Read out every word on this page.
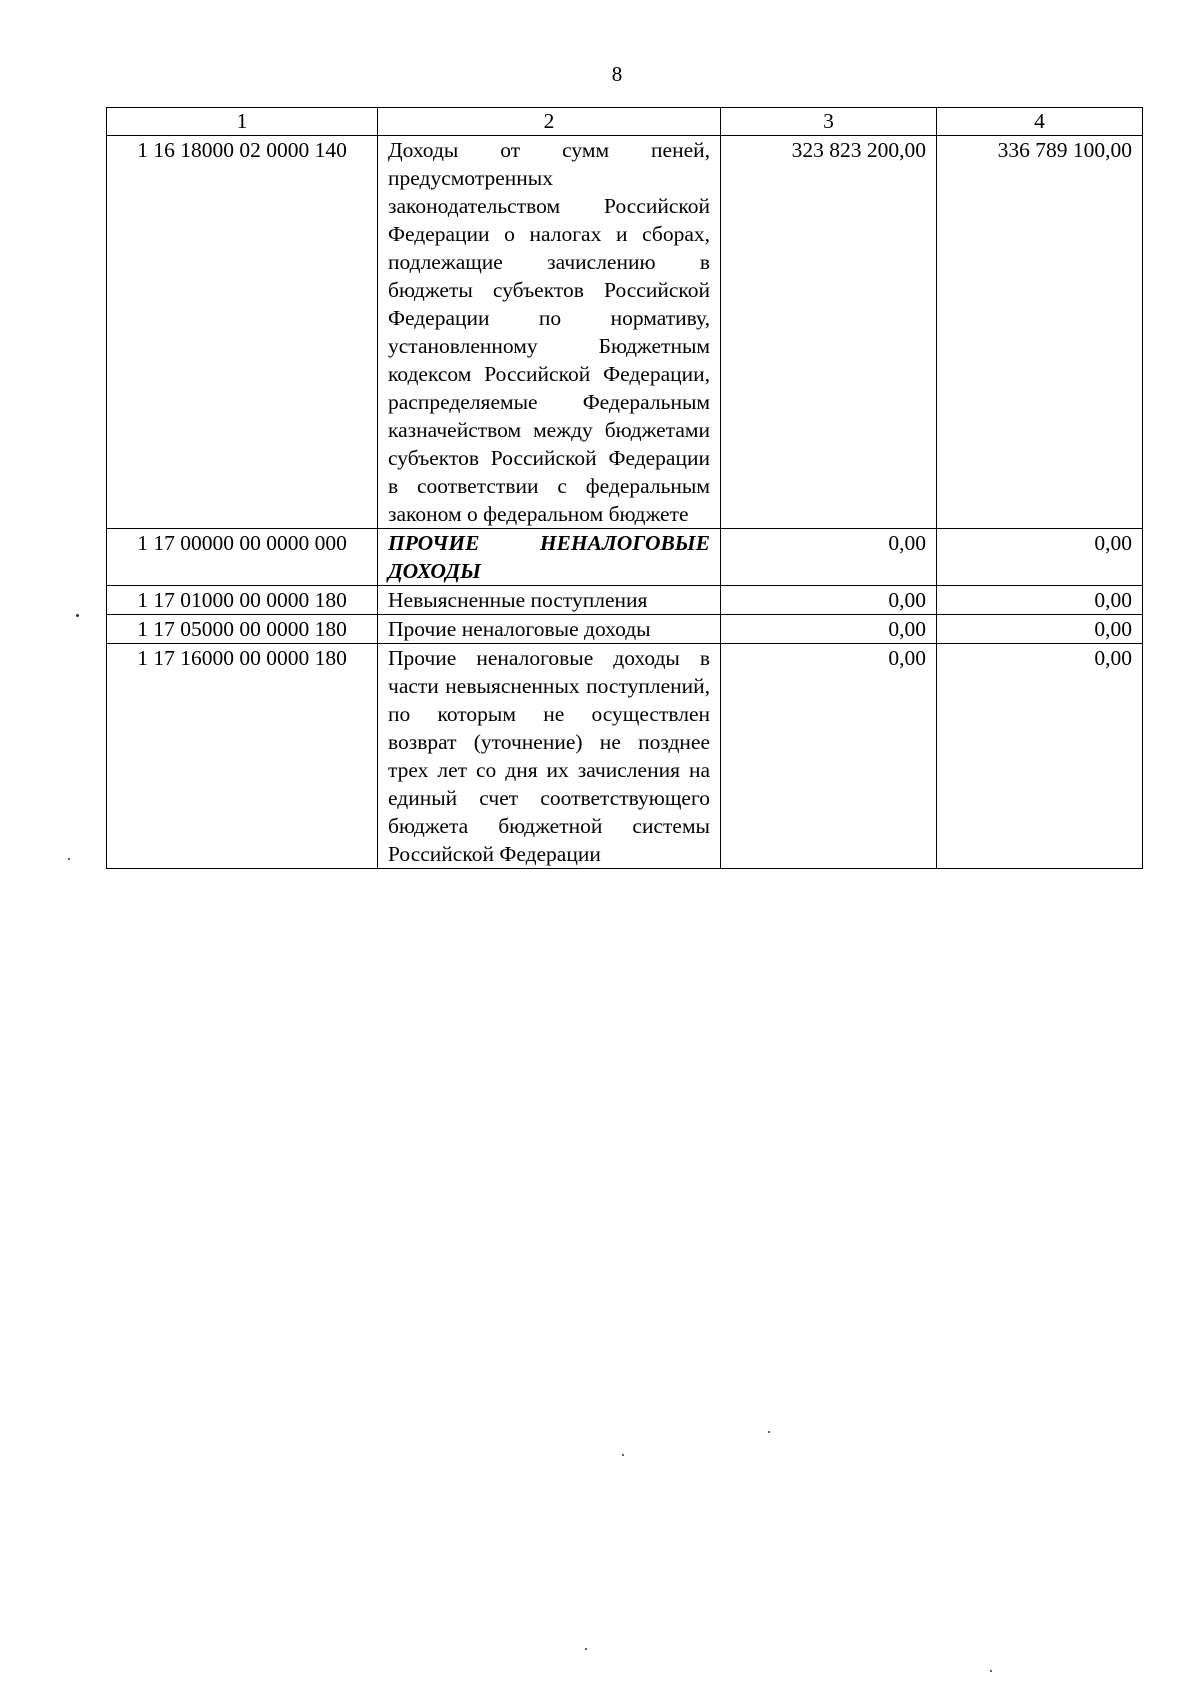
8
1	2	3	4
1 16 18000 02 0000 140	Доходы от сумм пеней, предусмотренных законодательством Российской Федерации о налогах и сборах, подлежащие зачислению в бюджеты субъектов Российской Федерации по нормативу, установленному Бюджетным кодексом Российской Федерации, распределяемые Федеральным казначейством между бюджетами субъектов Российской Федерации в соответствии с федеральным законом о федеральном бюджете	323 823 200,00	336 789 100,00
1 17 00000 00 0000 000	ПРОЧИЕ НЕНАЛОГОВЫЕ ДОХОДЫ	0,00	0,00
1 17 01000 00 0000 180	Невыясненные поступления	0,00	0,00
1 17 05000 00 0000 180	Прочие неналоговые доходы	0,00	0,00
1 17 16000 00 0000 180	Прочие неналоговые доходы в части невыясненных поступлений, по которым не осуществлен возврат (уточнение) не позднее трех лет со дня их зачисления на единый счет соответствующего бюджета бюджетной системы Российской Федерации	0,00	0,00
